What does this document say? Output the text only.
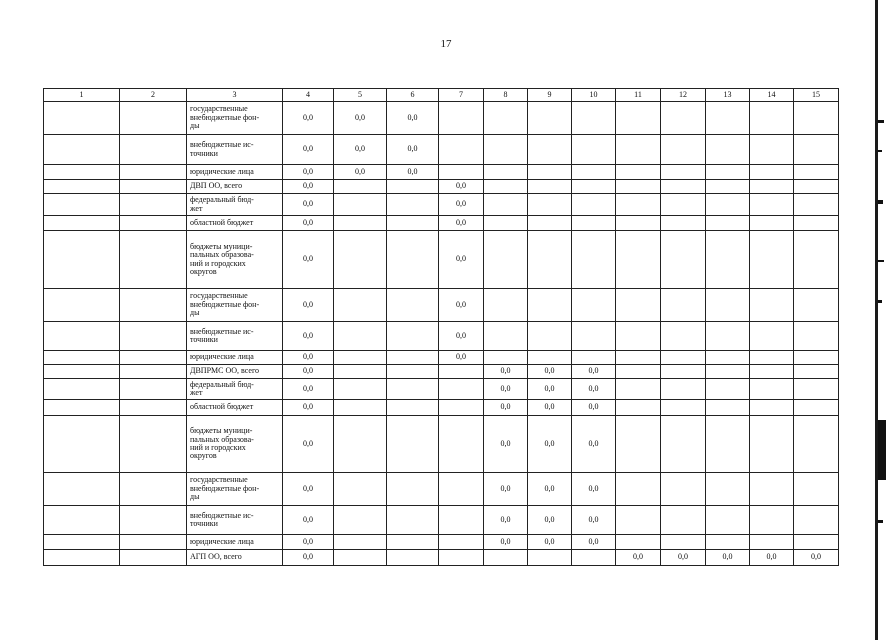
17
1	2	3	4	5	6	7	8	9	10	11	12	13	14	15
		государственные
внебюджетные фон-
ды	0,0	0,0	0,0									
		внебюджетные ис-
точники	0,0	0,0	0,0									
		юридические лица	0,0	0,0	0,0									
		ДВП ОО, всего	0,0			0,0								
		федеральный бюд-
жет	0,0			0,0								
		областной бюджет	0,0			0,0								
		бюджеты муници-
пальных образова-
ний и городских
округов	0,0			0,0								
		государственные
внебюджетные фон-
ды	0,0			0,0								
		внебюджетные ис-
точники	0,0			0,0								
		юридические лица	0,0			0,0								
		ДВПРМС ОО, всего	0,0				0,0	0,0	0,0					
		федеральный бюд-
жет	0,0				0,0	0,0	0,0					
		областной бюджет	0,0				0,0	0,0	0,0					
		бюджеты муници-
пальных образова-
ний и городских
округов	0,0				0,0	0,0	0,0					
		государственные
внебюджетные фон-
ды	0,0				0,0	0,0	0,0					
		внебюджетные ис-
точники	0,0				0,0	0,0	0,0					
		юридические лица	0,0				0,0	0,0	0,0					
		АГП ОО, всего	0,0							0,0	0,0	0,0	0,0	0,0
